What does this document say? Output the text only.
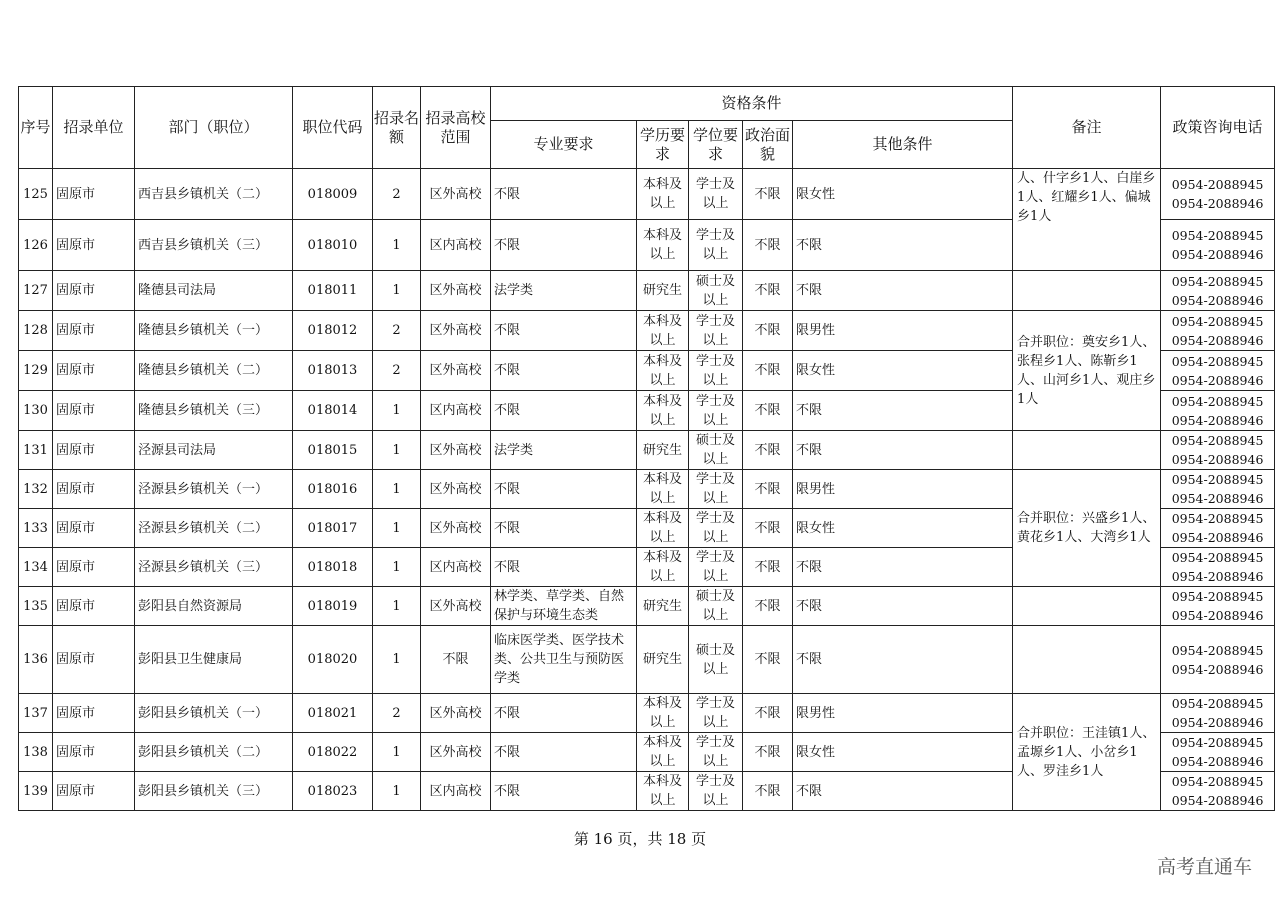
序号	招录单位	部门（职位）	职位代码	招录名额	招录高校范围	资格条件					备注	政策咨询电话
						专业要求	学历要求	学位要求	政治面貌	其他条件		
125	固原市	西吉县乡镇机关（二）	018009	2	区外高校	不限	本科及以上	学士及以上	不限	限女性	人、什字乡1人、白崖乡1人、红耀乡1人、偏城乡1人	0954-2088945
0954-2088946

126	固原市	西吉县乡镇机关（三）	018010	1	区内高校	不限	本科及以上	学士及以上	不限	不限		0954-2088945
0954-2088946

127	固原市	隆德县司法局	018011	1	区外高校	法学类	研究生	硕士及以上	不限	不限		0954-2088945
0954-2088946

128	固原市	隆德县乡镇机关（一）	018012	2	区外高校	不限	本科及以上	学士及以上	不限	限男性	合并职位：奠安乡1人、张程乡1人、陈靳乡1人、山河乡1人、观庄乡1人	0954-2088945
0954-2088946

129	固原市	隆德县乡镇机关（二）	018013	2	区外高校	不限	本科及以上	学士及以上	不限	限女性		0954-2088945
0954-2088946

130	固原市	隆德县乡镇机关（三）	018014	1	区内高校	不限	本科及以上	学士及以上	不限	不限		0954-2088945
0954-2088946

131	固原市	泾源县司法局	018015	1	区外高校	法学类	研究生	硕士及以上	不限	不限		0954-2088945
0954-2088946

132	固原市	泾源县乡镇机关（一）	018016	1	区外高校	不限	本科及以上	学士及以上	不限	限男性	合并职位：兴盛乡1人、黄花乡1人、大湾乡1人	0954-2088945
0954-2088946

133	固原市	泾源县乡镇机关（二）	018017	1	区外高校	不限	本科及以上	学士及以上	不限	限女性		0954-2088945
0954-2088946

134	固原市	泾源县乡镇机关（三）	018018	1	区内高校	不限	本科及以上	学士及以上	不限	不限		0954-2088945
0954-2088946

135	固原市	彭阳县自然资源局	018019	1	区外高校	林学类、草学类、自然保护与环境生态类	研究生	硕士及以上	不限	不限		0954-2088945
0954-2088946

136	固原市	彭阳县卫生健康局	018020	1	不限	临床医学类、医学技术类、公共卫生与预防医学类	研究生	硕士及以上	不限	不限		0954-2088945
0954-2088946

137	固原市	彭阳县乡镇机关（一）	018021	2	区外高校	不限	本科及以上	学士及以上	不限	限男性	合并职位：王洼镇1人、孟塬乡1人、小岔乡1人、罗洼乡1人	0954-2088945
0954-2088946

138	固原市	彭阳县乡镇机关（二）	018022	1	区外高校	不限	本科及以上	学士及以上	不限	限女性		0954-2088945
0954-2088946

139	固原市	彭阳县乡镇机关（三）	018023	1	区内高校	不限	本科及以上	学士及以上	不限	不限		0954-2088945
0954-2088946
第 16 页，共 18 页
高考直通车
